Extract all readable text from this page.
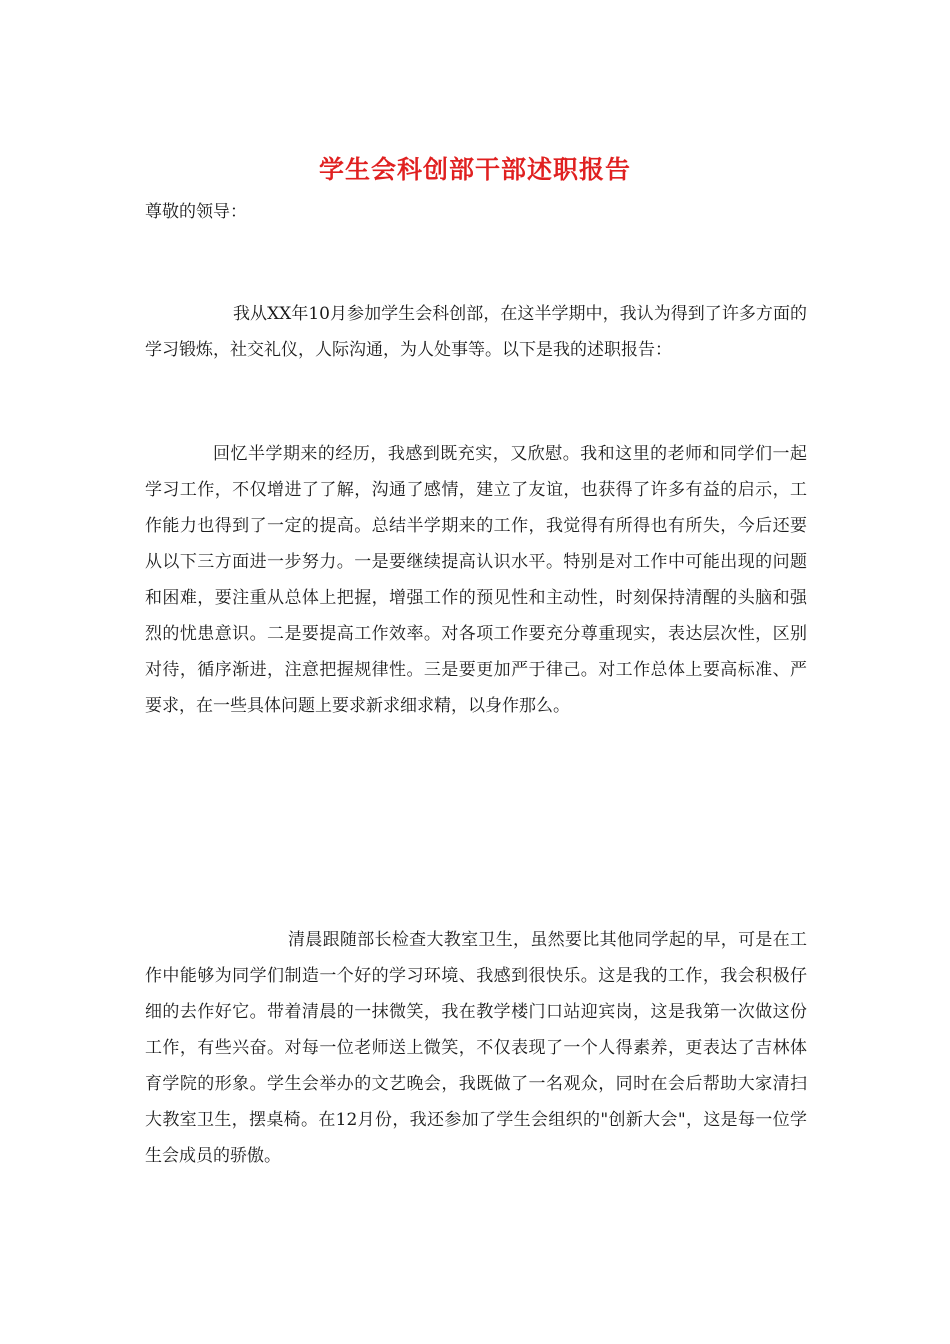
学生会科创部干部述职报告
尊敬的领导：

我从XX年10月参加学生会科创部，在这半学期中，我认为得到了许多方面的学习锻炼，社交礼仪，人际沟通，为人处事等。以下是我的述职报告：

回忆半学期来的经历，我感到既充实，又欣慰。我和这里的老师和同学们一起学习工作，不仅增进了了解，沟通了感情，建立了友谊，也获得了许多有益的启示，工作能力也得到了一定的提高。总结半学期来的工作，我觉得有所得也有所失，今后还要从以下三方面进一步努力。一是要继续提高认识水平。特别是对工作中可能出现的问题和困难，要注重从总体上把握，增强工作的预见性和主动性，时刻保持清醒的头脑和强烈的忧患意识。二是要提高工作效率。对各项工作要充分尊重现实，表达层次性，区别对待，循序渐进，注意把握规律性。三是要更加严于律己。对工作总体上要高标准、严要求，在一些具体问题上要求新求细求精，以身作那么。

清晨跟随部长检查大教室卫生，虽然要比其他同学起的早，可是在工作中能够为同学们制造一个好的学习环境、我感到很快乐。这是我的工作，我会积极仔细的去作好它。带着清晨的一抹微笑，我在教学楼门口站迎宾岗，这是我第一次做这份工作，有些兴奋。对每一位老师送上微笑，不仅表现了一个人得素养，更表达了吉林体育学院的形象。学生会举办的文艺晚会，我既做了一名观众，同时在会后帮助大家清扫大教室卫生，摆桌椅。在12月份，我还参加了学生会组织的"创新大会"，这是每一位学生会成员的骄傲。
